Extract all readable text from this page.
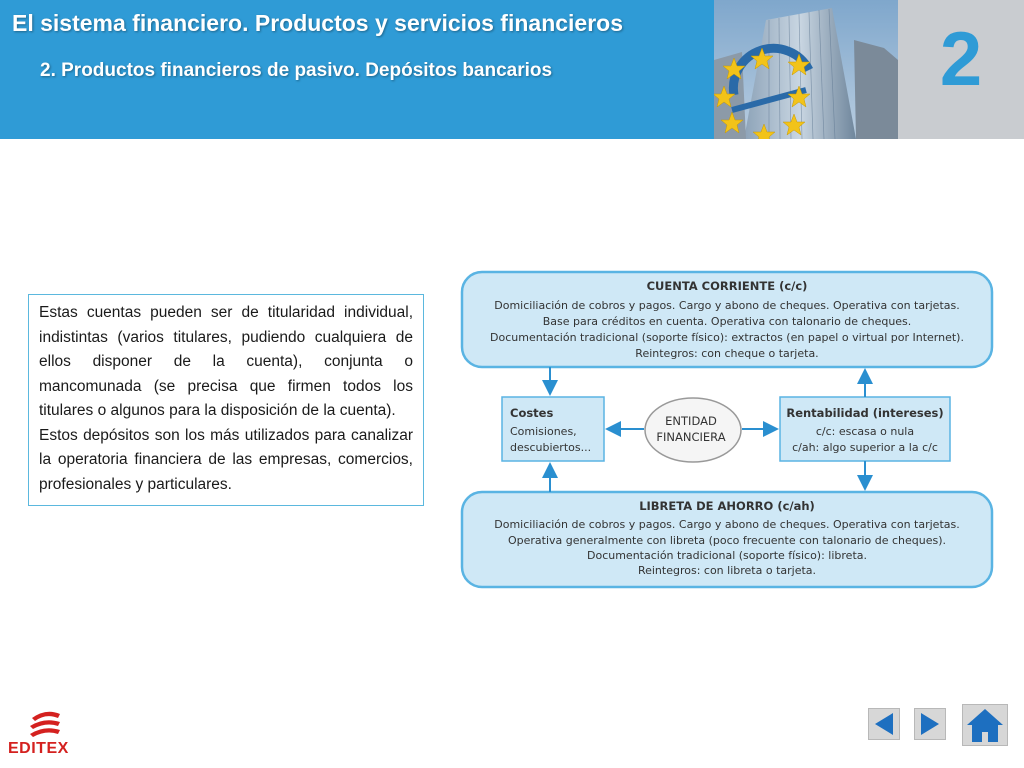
El sistema financiero. Productos y servicios financieros
2. Productos financieros de pasivo. Depósitos bancarios	2

Estas cuentas pueden ser de titularidad individual, indistintas (varios titulares, pudiendo cualquiera de ellos disponer de la cuenta), conjunta o mancomunada (se precisa que firmen todos los titulares o algunos para la disposición de la cuenta).

Estos depósitos son los más utilizados para canalizar la operatoria financiera de las empresas, comercios, profesionales y particulares.

CUENTA CORRIENTE (c/c)
Domiciliación de cobros y pagos. Cargo y abono de cheques. Operativa con tarjetas.
Base para créditos en cuenta. Operativa con talonario de cheques.
Documentación tradicional (soporte físico): extractos (en papel o virtual por Internet).
Reintegros: con cheque o tarjeta.
Costes
Comisiones,
descubiertos...
ENTIDAD
FINANCIERA
Rentabilidad (intereses)
c/c: escasa o nula
c/ah: algo superior a la c/c
LIBRETA DE AHORRO (c/ah)
Domiciliación de cobros y pagos. Cargo y abono de cheques. Operativa con tarjetas.
Operativa generalmente con libreta (poco frecuente con talonario de cheques).
Documentación tradicional (soporte físico): libreta.
Reintegros: con libreta o tarjeta.
EDITEX
